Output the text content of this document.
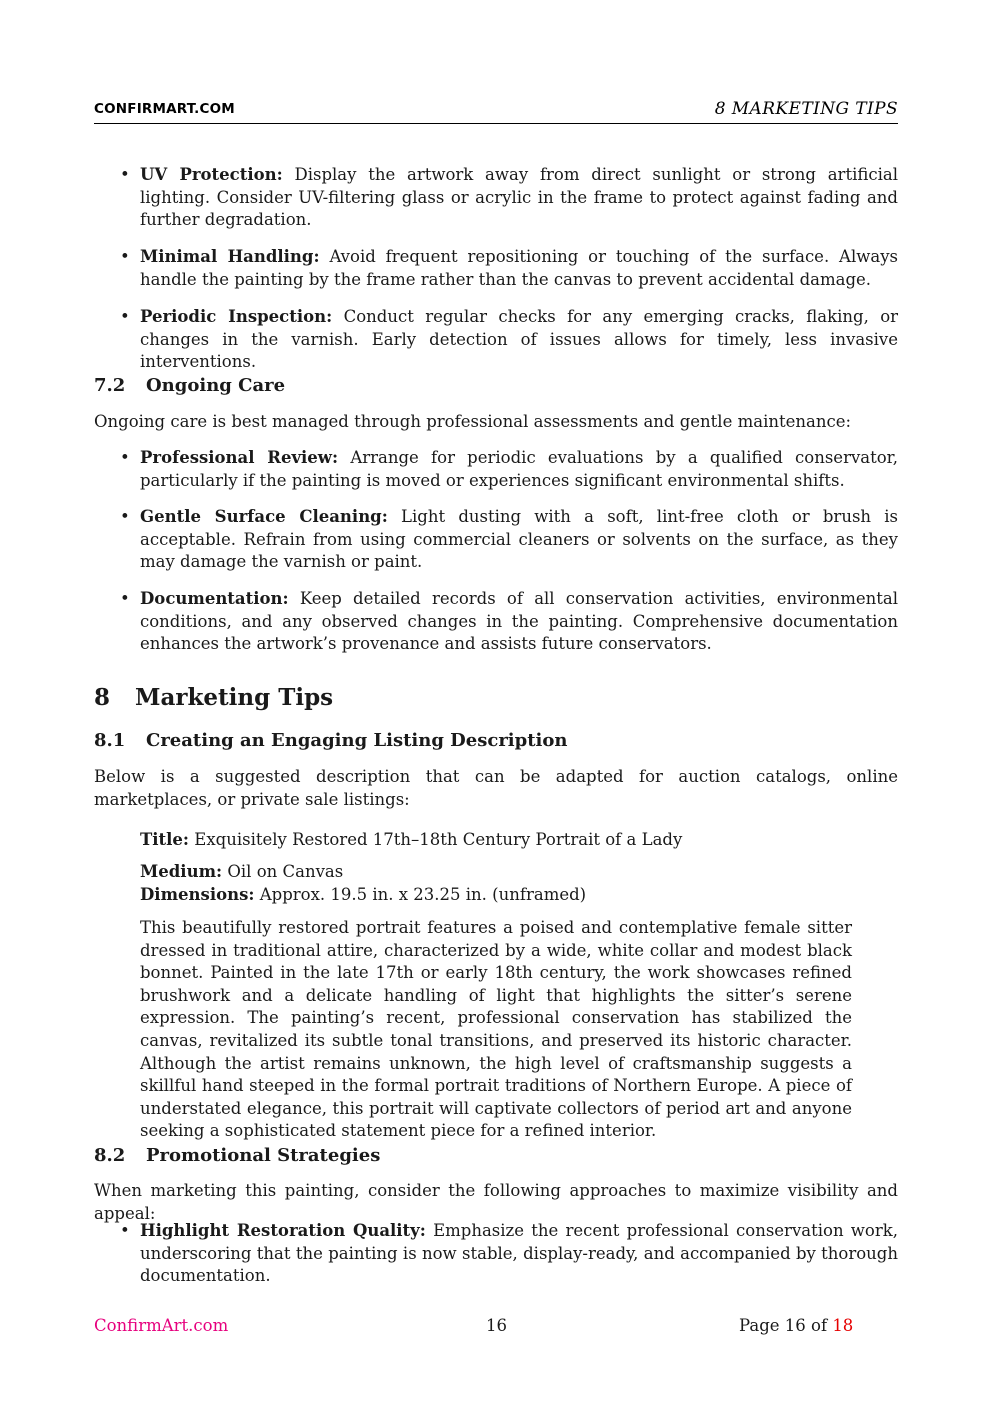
CONFIRMART.COM	8 MARKETING TIPS
• UV Protection: Display the artwork away from direct sunlight or strong artificial lighting. Consider UV-filtering glass or acrylic in the frame to protect against fading and further degradation.
• Minimal Handling: Avoid frequent repositioning or touching of the surface. Always handle the painting by the frame rather than the canvas to prevent accidental damage.
• Periodic Inspection: Conduct regular checks for any emerging cracks, flaking, or changes in the varnish. Early detection of issues allows for timely, less invasive interventions.
7.2 Ongoing Care
Ongoing care is best managed through professional assessments and gentle maintenance:
• Professional Review: Arrange for periodic evaluations by a qualified conservator, particularly if the painting is moved or experiences significant environmental shifts.
• Gentle Surface Cleaning: Light dusting with a soft, lint-free cloth or brush is acceptable. Refrain from using commercial cleaners or solvents on the surface, as they may damage the varnish or paint.
• Documentation: Keep detailed records of all conservation activities, environmental conditions, and any observed changes in the painting. Comprehensive documentation enhances the artwork’s provenance and assists future conservators.
8 Marketing Tips
8.1 Creating an Engaging Listing Description
Below is a suggested description that can be adapted for auction catalogs, online marketplaces, or private sale listings:
Title: Exquisitely Restored 17th–18th Century Portrait of a Lady
Medium: Oil on Canvas
Dimensions: Approx. 19.5 in. x 23.25 in. (unframed)
This beautifully restored portrait features a poised and contemplative female sitter dressed in traditional attire, characterized by a wide, white collar and modest black bonnet. Painted in the late 17th or early 18th century, the work showcases refined brushwork and a delicate handling of light that highlights the sitter’s serene expression. The painting’s recent, professional conservation has stabilized the canvas, revitalized its subtle tonal transitions, and preserved its historic character. Although the artist remains unknown, the high level of craftsmanship suggests a skillful hand steeped in the formal portrait traditions of Northern Europe. A piece of understated elegance, this portrait will captivate collectors of period art and anyone seeking a sophisticated statement piece for a refined interior.
8.2 Promotional Strategies
When marketing this painting, consider the following approaches to maximize visibility and appeal:
• Highlight Restoration Quality: Emphasize the recent professional conservation work, underscoring that the painting is now stable, display-ready, and accompanied by thorough documentation.
ConfirmArt.com	16	Page 16 of 18
